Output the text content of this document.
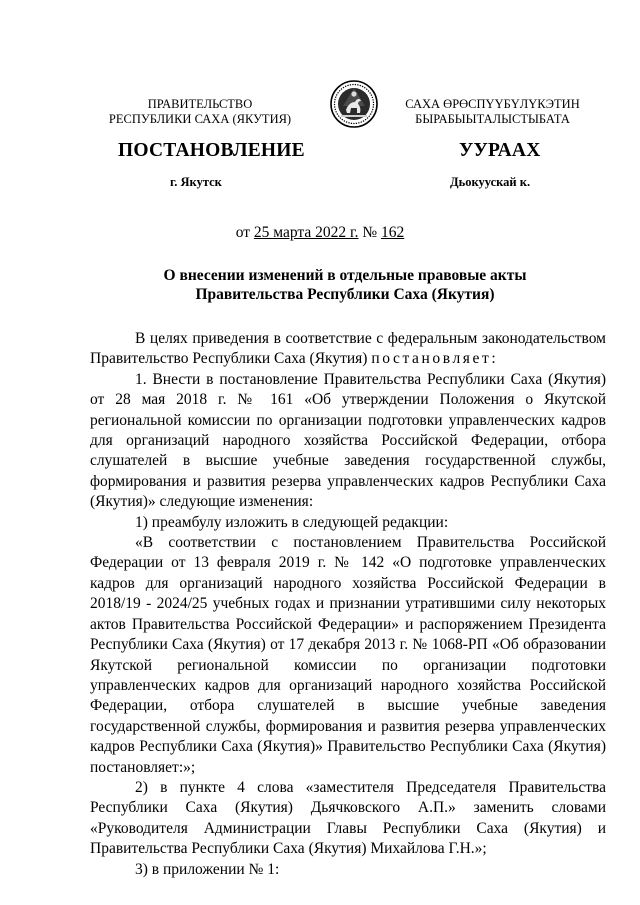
ПРАВИТЕЛЬСТВО
РЕСПУБЛИКИ САХА (ЯКУТИЯ)
САХА ӨРӨСПҮҮБҮЛҮКЭТИН
БЫРАБЫЫТАЛЫСТЫБАТА
ПОСТАНОВЛЕНИЕ	УУРААХ
г. Якутск	Дьокуускай к.
от 25 марта 2022 г. № 162
О внесении изменений в отдельные правовые акты
Правительства Республики Саха (Якутия)

В целях приведения в соответствие с федеральным законодательством Правительство Республики Саха (Якутия) постановляет:

1. Внести в постановление Правительства Республики Саха (Якутия) от 28 мая 2018 г. № 161 «Об утверждении Положения о Якутской региональной комиссии по организации подготовки управленческих кадров для организаций народного хозяйства Российской Федерации, отбора слушателей в высшие учебные заведения государственной службы, формирования и развития резерва управленческих кадров Республики Саха (Якутия)» следующие изменения:

1) преамбулу изложить в следующей редакции:

«В соответствии с постановлением Правительства Российской Федерации от 13 февраля 2019 г. № 142 «О подготовке управленческих кадров для организаций народного хозяйства Российской Федерации в 2018/19 - 2024/25 учебных годах и признании утратившими силу некоторых актов Правительства Российской Федерации» и распоряжением Президента Республики Саха (Якутия) от 17 декабря 2013 г. № 1068-РП «Об образовании Якутской региональной комиссии по организации подготовки управленческих кадров для организаций народного хозяйства Российской Федерации, отбора слушателей в высшие учебные заведения государственной службы, формирования и развития резерва управленческих кадров Республики Саха (Якутия)» Правительство Республики Саха (Якутия) постановляет:»;

2) в пункте 4 слова «заместителя Председателя Правительства Республики Саха (Якутия) Дьячковского А.П.» заменить словами «Руководителя Администрации Главы Республики Саха (Якутия) и Правительства Республики Саха (Якутия) Михайлова Г.Н.»;

3) в приложении № 1:
